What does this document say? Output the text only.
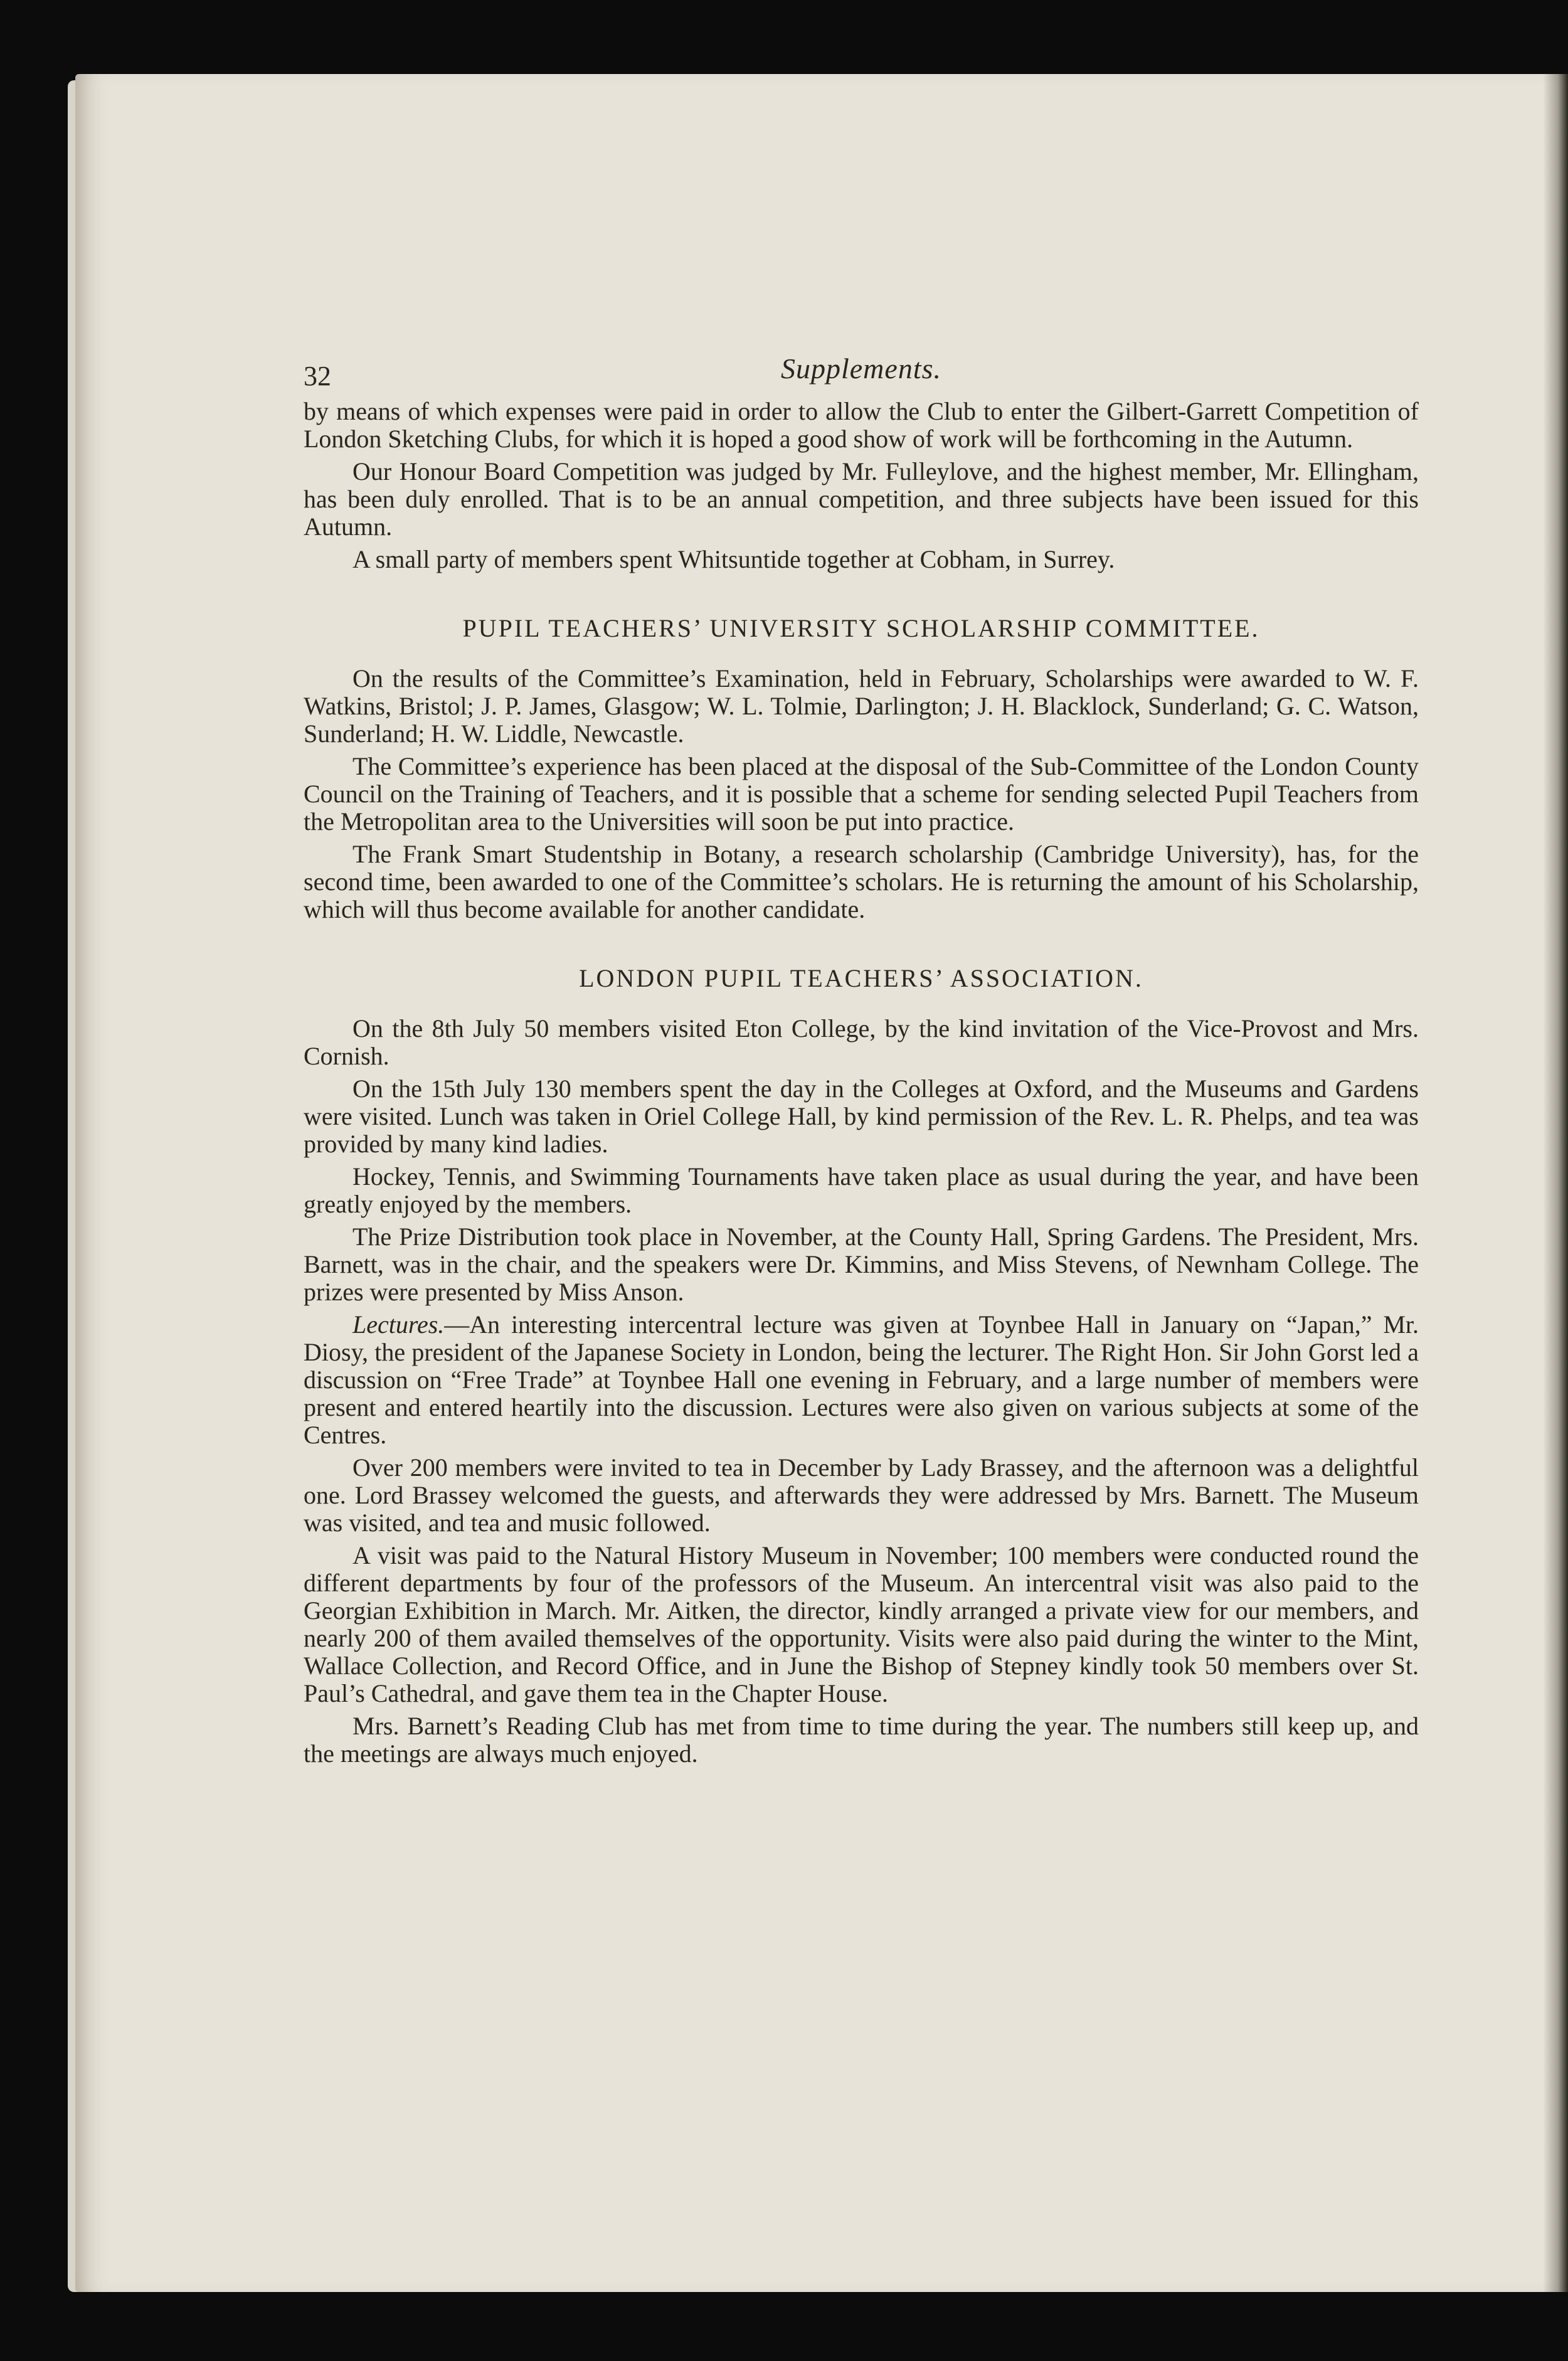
32	Supplements.

by means of which expenses were paid in order to allow the Club to enter the Gilbert-Garrett Competition of London Sketching Clubs, for which it is hoped a good show of work will be forthcoming in the Autumn.

Our Honour Board Competition was judged by Mr. Fulleylove, and the highest member, Mr. Ellingham, has been duly enrolled. That is to be an annual competition, and three subjects have been issued for this Autumn.

A small party of members spent Whitsuntide together at Cobham, in Surrey.

PUPIL TEACHERS’ UNIVERSITY SCHOLARSHIP COMMITTEE.

On the results of the Committee’s Examination, held in February, Scholarships were awarded to W. F. Watkins, Bristol; J. P. James, Glasgow; W. L. Tolmie, Darlington; J. H. Blacklock, Sunderland; G. C. Watson, Sunderland; H. W. Liddle, Newcastle.

The Committee’s experience has been placed at the disposal of the Sub-Committee of the London County Council on the Training of Teachers, and it is possible that a scheme for sending selected Pupil Teachers from the Metropolitan area to the Universities will soon be put into practice.

The Frank Smart Studentship in Botany, a research scholarship (Cambridge University), has, for the second time, been awarded to one of the Committee’s scholars. He is returning the amount of his Scholarship, which will thus become available for another candidate.

LONDON PUPIL TEACHERS’ ASSOCIATION.

On the 8th July 50 members visited Eton College, by the kind invitation of the Vice-Provost and Mrs. Cornish.

On the 15th July 130 members spent the day in the Colleges at Oxford, and the Museums and Gardens were visited. Lunch was taken in Oriel College Hall, by kind permission of the Rev. L. R. Phelps, and tea was provided by many kind ladies.

Hockey, Tennis, and Swimming Tournaments have taken place as usual during the year, and have been greatly enjoyed by the members.

The Prize Distribution took place in November, at the County Hall, Spring Gardens. The President, Mrs. Barnett, was in the chair, and the speakers were Dr. Kimmins, and Miss Stevens, of Newnham College. The prizes were presented by Miss Anson.

Lectures.—An interesting intercentral lecture was given at Toynbee Hall in January on “Japan,” Mr. Diosy, the president of the Japanese Society in London, being the lecturer. The Right Hon. Sir John Gorst led a discussion on “Free Trade” at Toynbee Hall one evening in February, and a large number of members were present and entered heartily into the discussion. Lectures were also given on various subjects at some of the Centres.

Over 200 members were invited to tea in December by Lady Brassey, and the afternoon was a delightful one. Lord Brassey welcomed the guests, and afterwards they were addressed by Mrs. Barnett. The Museum was visited, and tea and music followed.

A visit was paid to the Natural History Museum in November; 100 members were conducted round the different departments by four of the professors of the Museum. An intercentral visit was also paid to the Georgian Exhibition in March. Mr. Aitken, the director, kindly arranged a private view for our members, and nearly 200 of them availed themselves of the opportunity. Visits were also paid during the winter to the Mint, Wallace Collection, and Record Office, and in June the Bishop of Stepney kindly took 50 members over St. Paul’s Cathedral, and gave them tea in the Chapter House.

Mrs. Barnett’s Reading Club has met from time to time during the year. The numbers still keep up, and the meetings are always much enjoyed.
